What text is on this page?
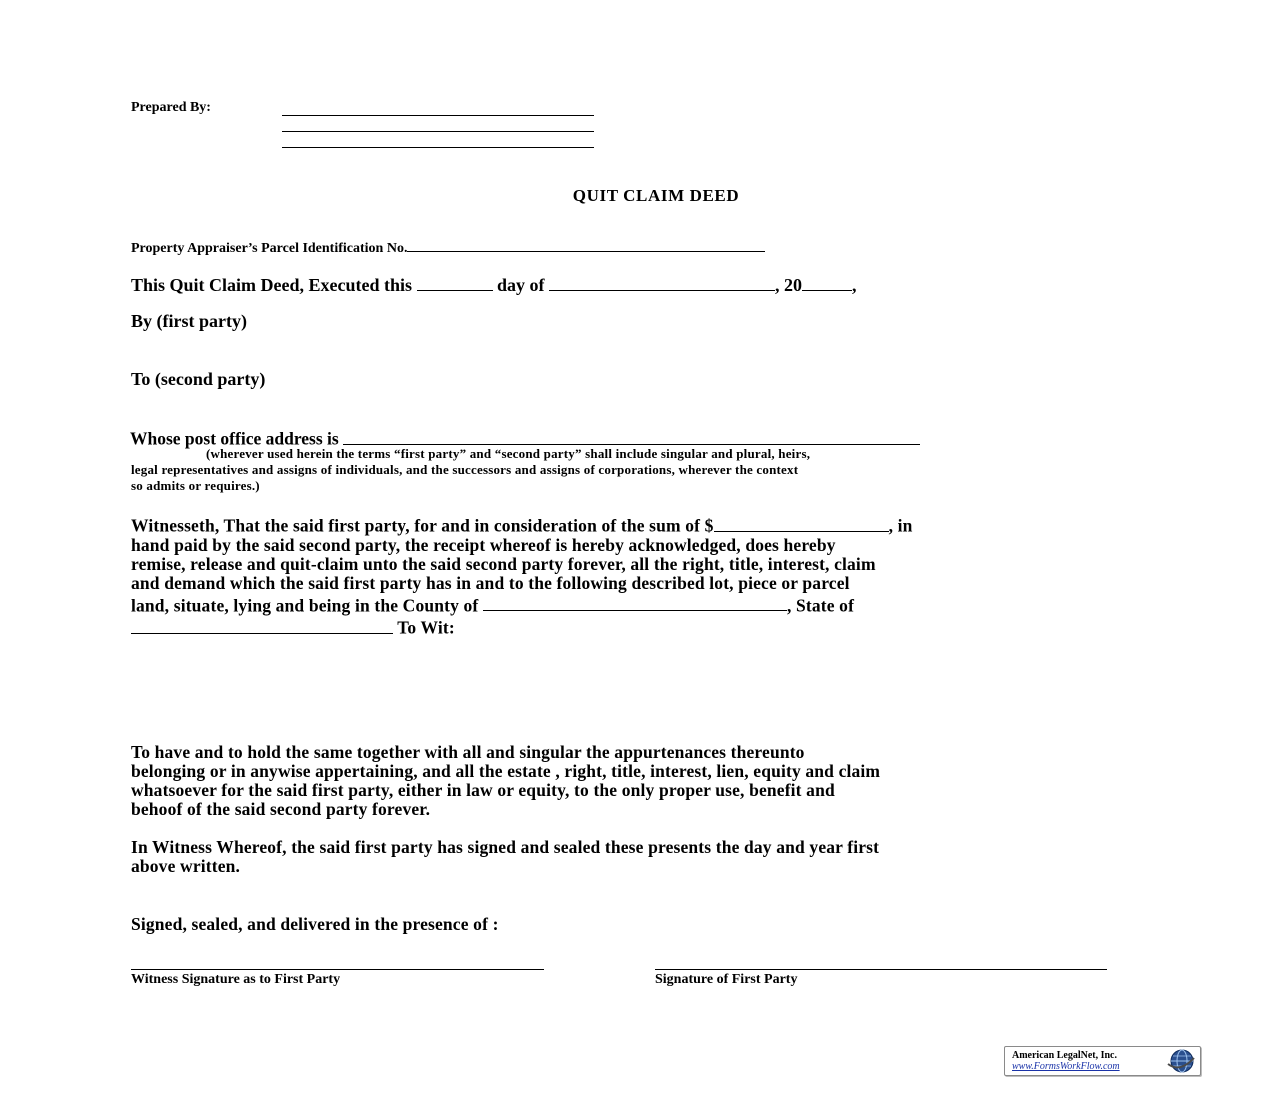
Prepared By:
QUIT CLAIM DEED
Property Appraiser’s Parcel Identification No.
This Quit Claim Deed, Executed this	day of	, 20	,
By (first party)
To (second party)
Whose post office address is
(wherever used herein the terms “first party” and “second party” shall include singular and plural, heirs,
legal representatives and assigns of individuals, and the successors and assigns of corporations, wherever the context
so admits or requires.)
Witnesseth, That the said first party, for and in consideration of the sum of $	, in
hand paid by the said second party, the receipt whereof is hereby acknowledged, does hereby
remise, release and quit-claim unto the said second party forever, all the right, title, interest, claim
and demand which the said first party has in and to the following described lot, piece or parcel
land, situate, lying and being in the County of	, State of
To Wit:
To have and to hold the same together with all and singular the appurtenances thereunto
belonging or in anywise appertaining, and all the estate , right, title, interest, lien, equity and claim
whatsoever for the said first party, either in law or equity, to the only proper use, benefit and
behoof of the said second party forever.
In Witness Whereof, the said first party has signed and sealed these presents the day and year first
above written.
Signed, sealed, and delivered in the presence of :
Witness Signature as to First Party	Signature of First Party
American LegalNet, Inc.
www.FormsWorkFlow.com
